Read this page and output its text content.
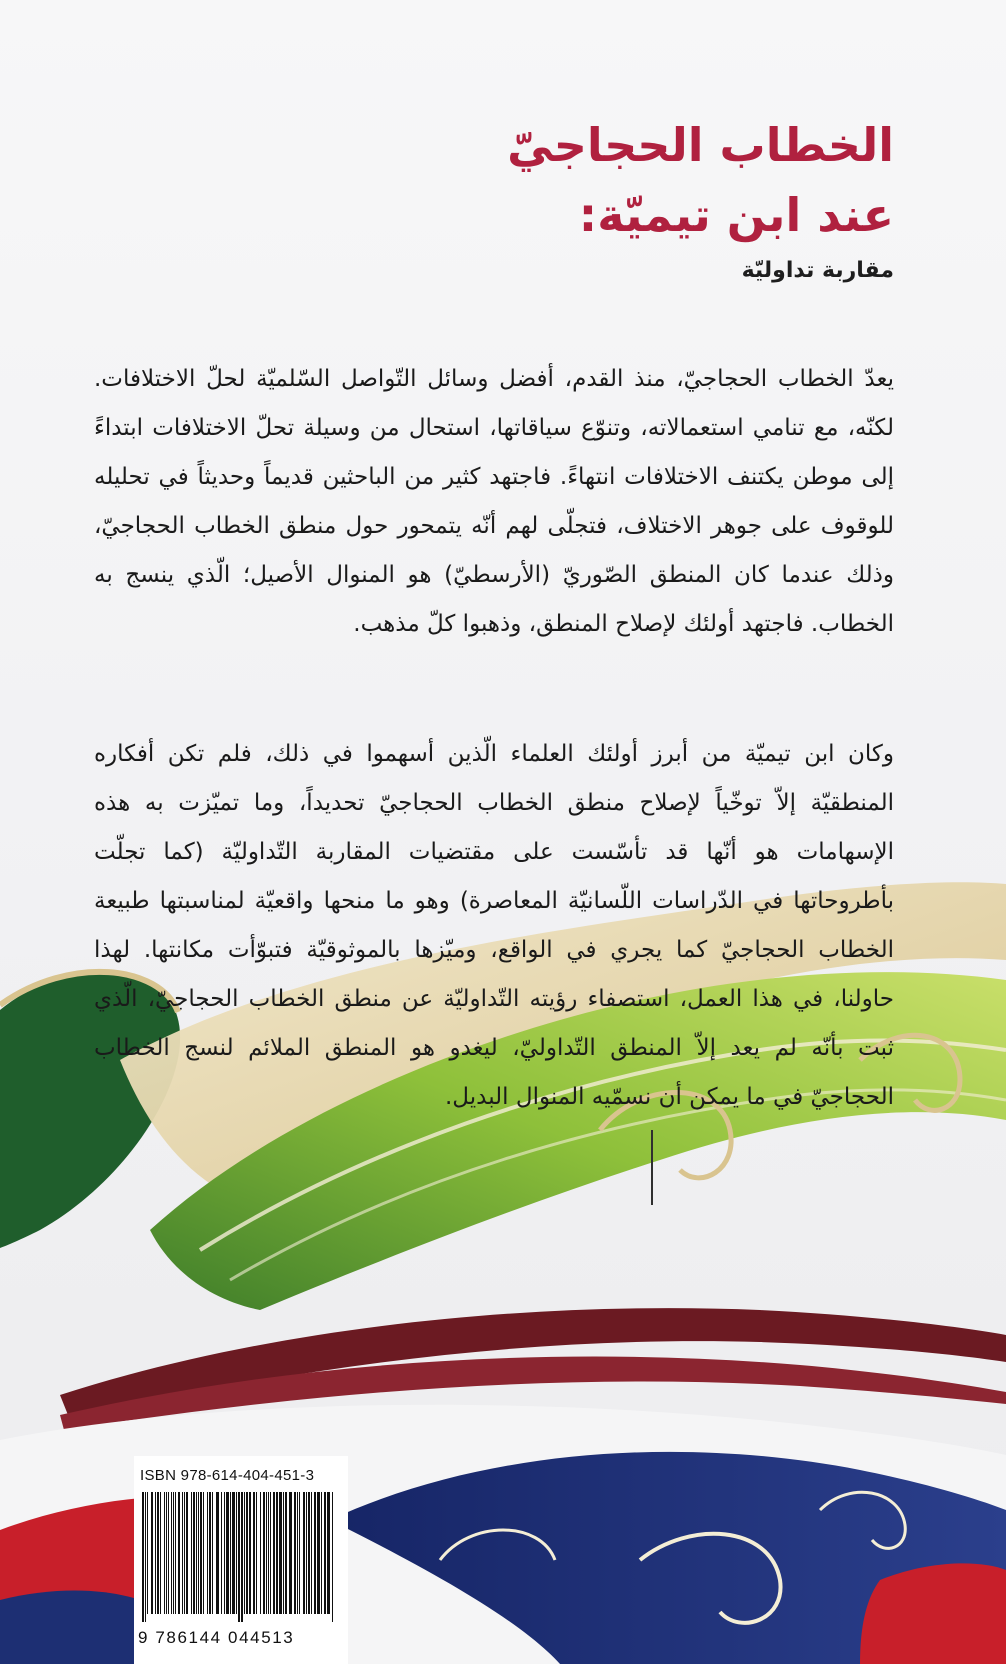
الخطاب الحجاجيّ
عند ابن تيميّة:

مقاربة تداوليّة

يعدّ الخطاب الحجاجيّ، منذ القدم، أفضل وسائل التّواصل السّلميّة لحلّ الاختلافات. لكنّه، مع تنامي استعمالاته، وتنوّع سياقاتها، استحال من وسيلة تحلّ الاختلافات ابتداءً إلى موطن يكتنف الاختلافات انتهاءً. فاجتهد كثير من الباحثين قديماً وحديثاً في تحليله للوقوف على جوهر الاختلاف، فتجلّى لهم أنّه يتمحور حول منطق الخطاب الحجاجيّ، وذلك عندما كان المنطق الصّوريّ (الأرسطيّ) هو المنوال الأصيل؛ الّذي ينسج به الخطاب. فاجتهد أولئك لإصلاح المنطق، وذهبوا كلّ مذهب.

وكان ابن تيميّة من أبرز أولئك العلماء الّذين أسهموا في ذلك، فلم تكن أفكاره المنطقيّة إلاّ توخّياً لإصلاح منطق الخطاب الحجاجيّ تحديداً، وما تميّزت به هذه الإسهامات هو أنّها قد تأسّست على مقتضيات المقاربة التّداوليّة (كما تجلّت بأطروحاتها في الدّراسات اللّسانيّة المعاصرة) وهو ما منحها واقعيّة لمناسبتها طبيعة الخطاب الحجاجيّ كما يجري في الواقع، وميّزها بالموثوقيّة فتبوّأت مكانتها. لهذا حاولنا، في هذا العمل، استصفاء رؤيته التّداوليّة عن منطق الخطاب الحجاجيّ، الّذي ثبت بأنّه لم يعد إلاّ المنطق التّداوليّ، ليغدو هو المنطق الملائم لنسج الخطاب الحجاجيّ في ما يمكن أن نسمّيه المنوال البديل.

ISBN 978-614-404-451-3
9 786144 044513
